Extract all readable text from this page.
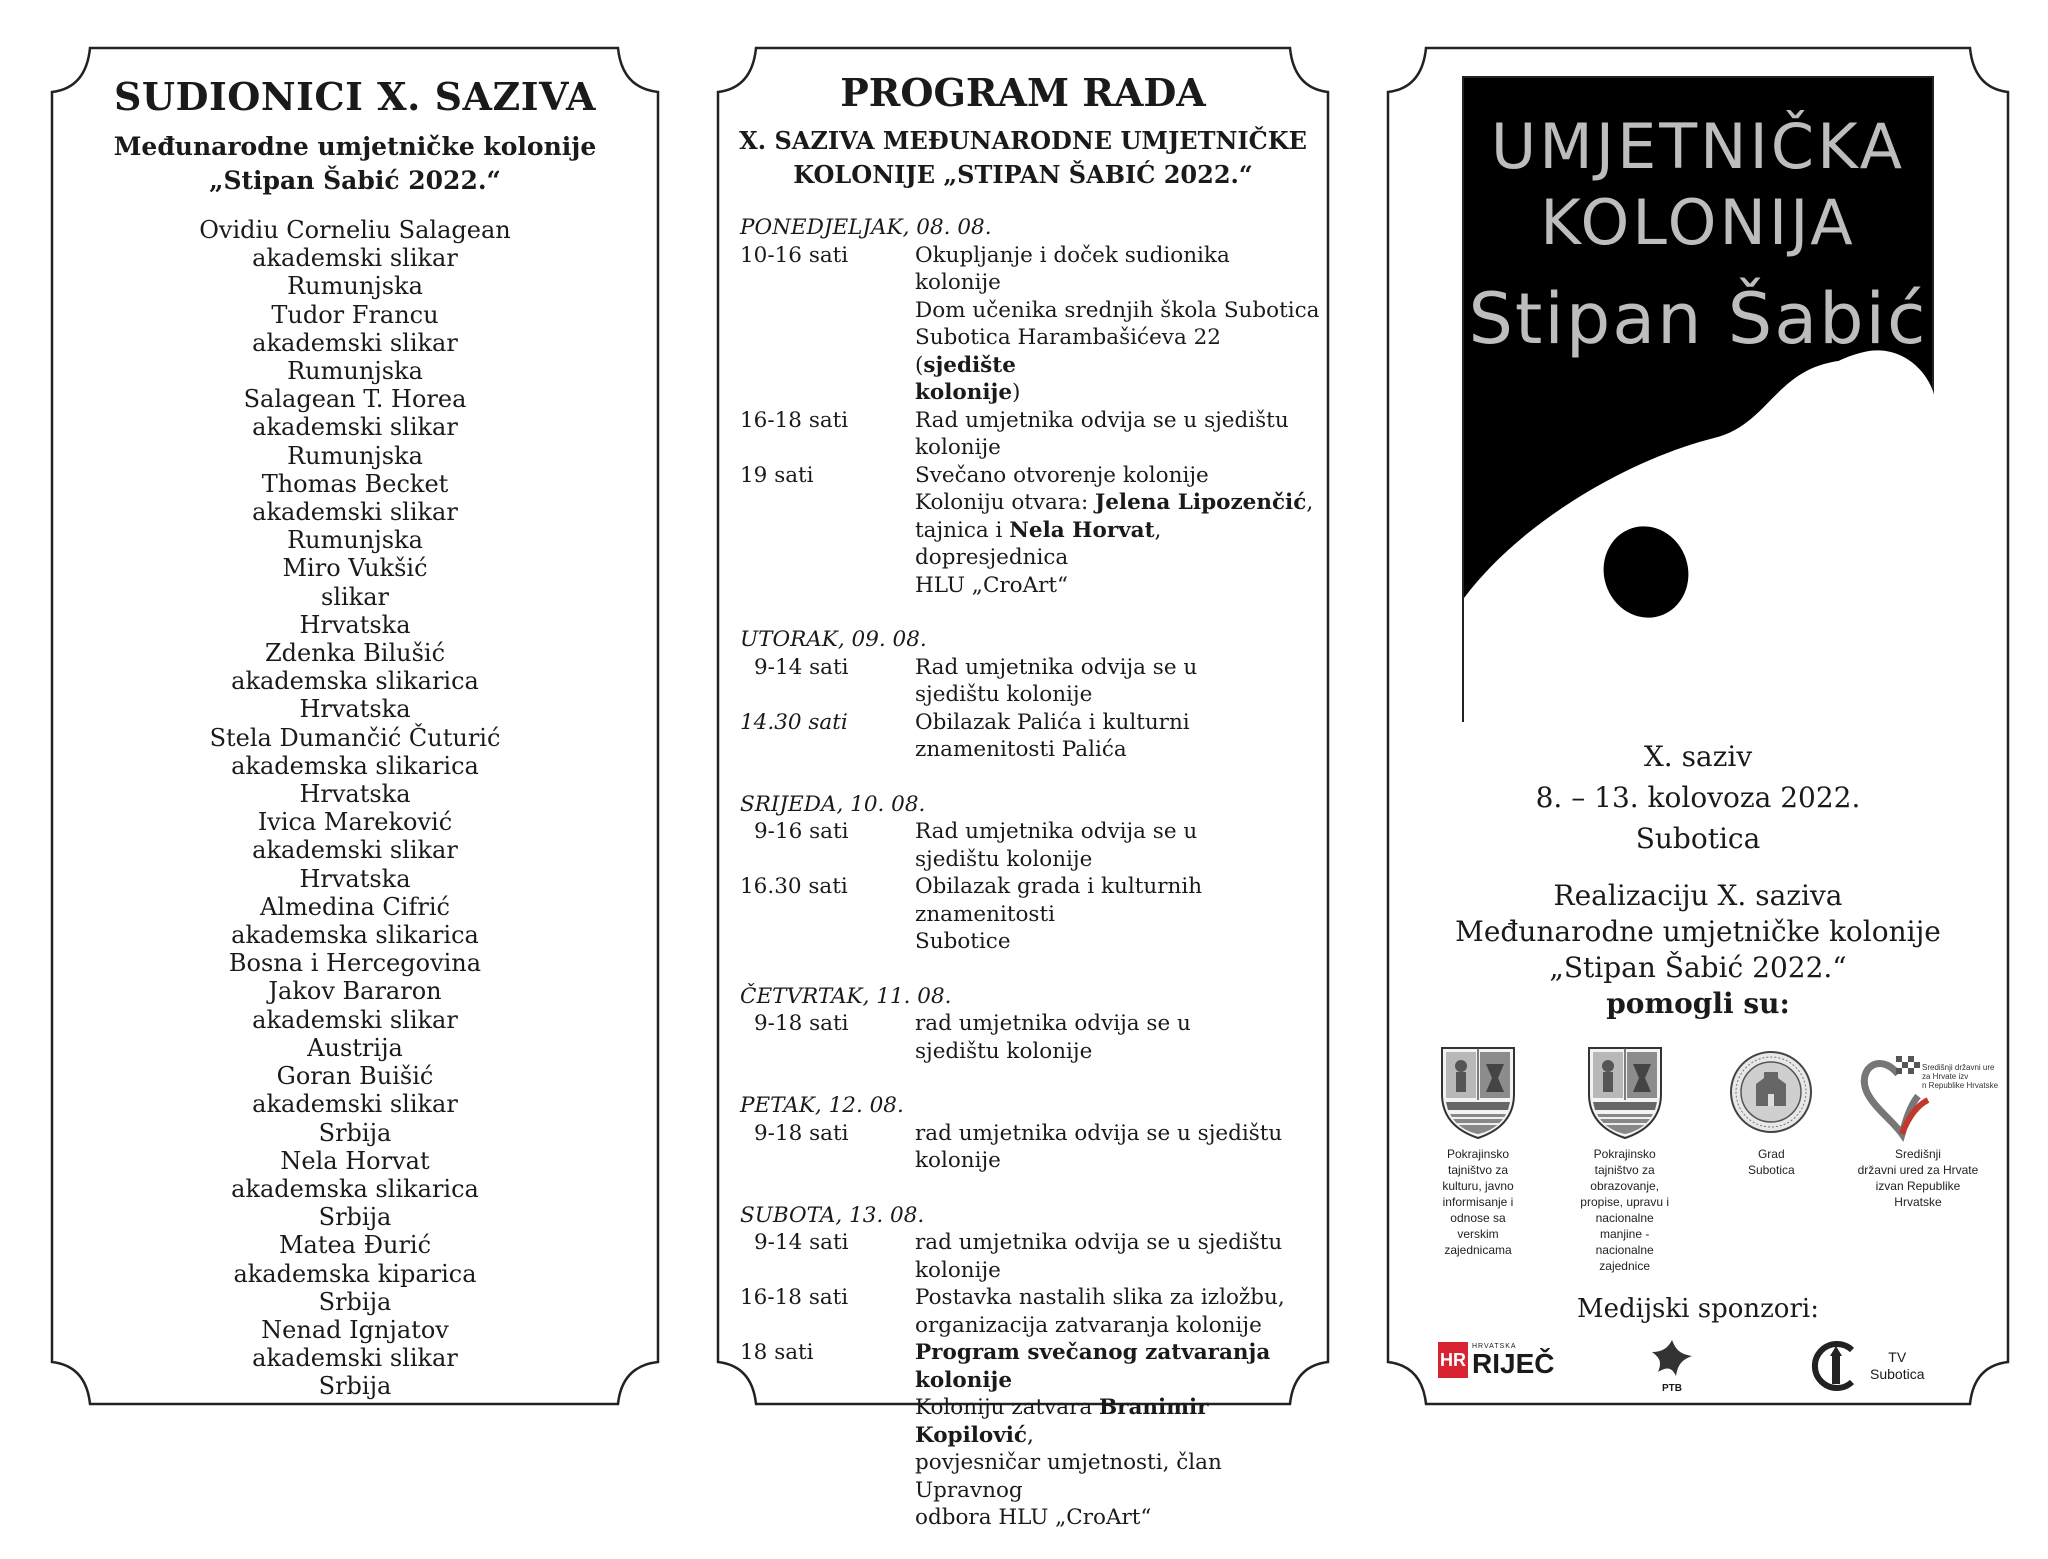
SUDIONICI X. SAZIVA
Međunarodne umjetničke kolonije
„Stipan Šabić 2022.“
Ovidiu Corneliu Salagean
akademski slikar
Rumunjska
Tudor Francu
akademski slikar
Rumunjska
Salagean T. Horea
akademski slikar
Rumunjska
Thomas Becket
akademski slikar
Rumunjska
Miro Vukšić
slikar
Hrvatska
Zdenka Bilušić
akademska slikarica
Hrvatska
Stela Dumančić Čuturić
akademska slikarica
Hrvatska
Ivica Mareković
akademski slikar
Hrvatska
Almedina Cifrić
akademska slikarica
Bosna i Hercegovina
Jakov Bararon
akademski slikar
Austrija
Goran Buišić
akademski slikar
Srbija
Nela Horvat
akademska slikarica
Srbija
Matea Đurić
akademska kiparica
Srbija
Nenad Ignjatov
akademski slikar
Srbija
PROGRAM RADA
X. SAZIVA MEĐUNARODNE UMJETNIČKE
KOLONIJE „STIPAN ŠABIĆ 2022.“
PONEDJELJAK, 08. 08.
10-16 sati	Okupljanje i doček sudionika kolonije
Dom učenika srednjih škola Subotica
Subotica Harambašićeva 22 (sjedište
kolonije)
16-18 sati	Rad umjetnika odvija se u sjedištu
kolonije
19 sati	Svečano otvorenje kolonije
Koloniju otvara: Jelena Lipozenčić,
tajnica i Nela Horvat, dopresjednica
HLU „CroArt“
UTORAK, 09. 08.
9-14 sati	Rad umjetnika odvija se u
sjedištu kolonije
14.30 sati	Obilazak Palića i kulturni
znamenitosti Palića
SRIJEDA, 10. 08.
9-16 sati	Rad umjetnika odvija se u
sjedištu kolonije
16.30 sati	Obilazak grada i kulturnih znamenitosti
Subotice
ČETVRTAK, 11. 08.
9-18 sati	rad umjetnika odvija se u
sjedištu kolonije
PETAK, 12. 08.
9-18 sati	rad umjetnika odvija se u sjedištu
kolonije
SUBOTA, 13. 08.
9-14 sati	rad umjetnika odvija se u sjedištu
kolonije
16-18 sati	Postavka nastalih slika za izložbu,
organizacija zatvaranja kolonije
18 sati	Program svečanog zatvaranja
kolonije
Koloniju zatvara Branimir Kopilović,
povjesničar umjetnosti, član Upravnog
odbora HLU „CroArt“
UMJETNIČKA
KOLONIJA
Stipan Šabić
X. saziv
8. – 13. kolovoza 2022.
Subotica
Realizaciju X. saziva
Međunarodne umjetničke kolonije
„Stipan Šabić 2022.“
pomogli su:
Pokrajinsko
tajništvo za
kulturu, javno
informisanje i
odnose sa
verskim
zajednicama
Pokrajinsko
tajništvo za
obrazovanje,
propise, upravu i
nacionalne
manjine -
nacionalne
zajednice
Grad
Subotica
Središnji državni ure za Hrvate izv n Republike Hrvatske
Središnji
državni ured za Hrvate
izvan Republike
Hrvatske
Medijski sponzori:
HR
HRVATSKA
RIJEČ
PTB
TV
Subotica
